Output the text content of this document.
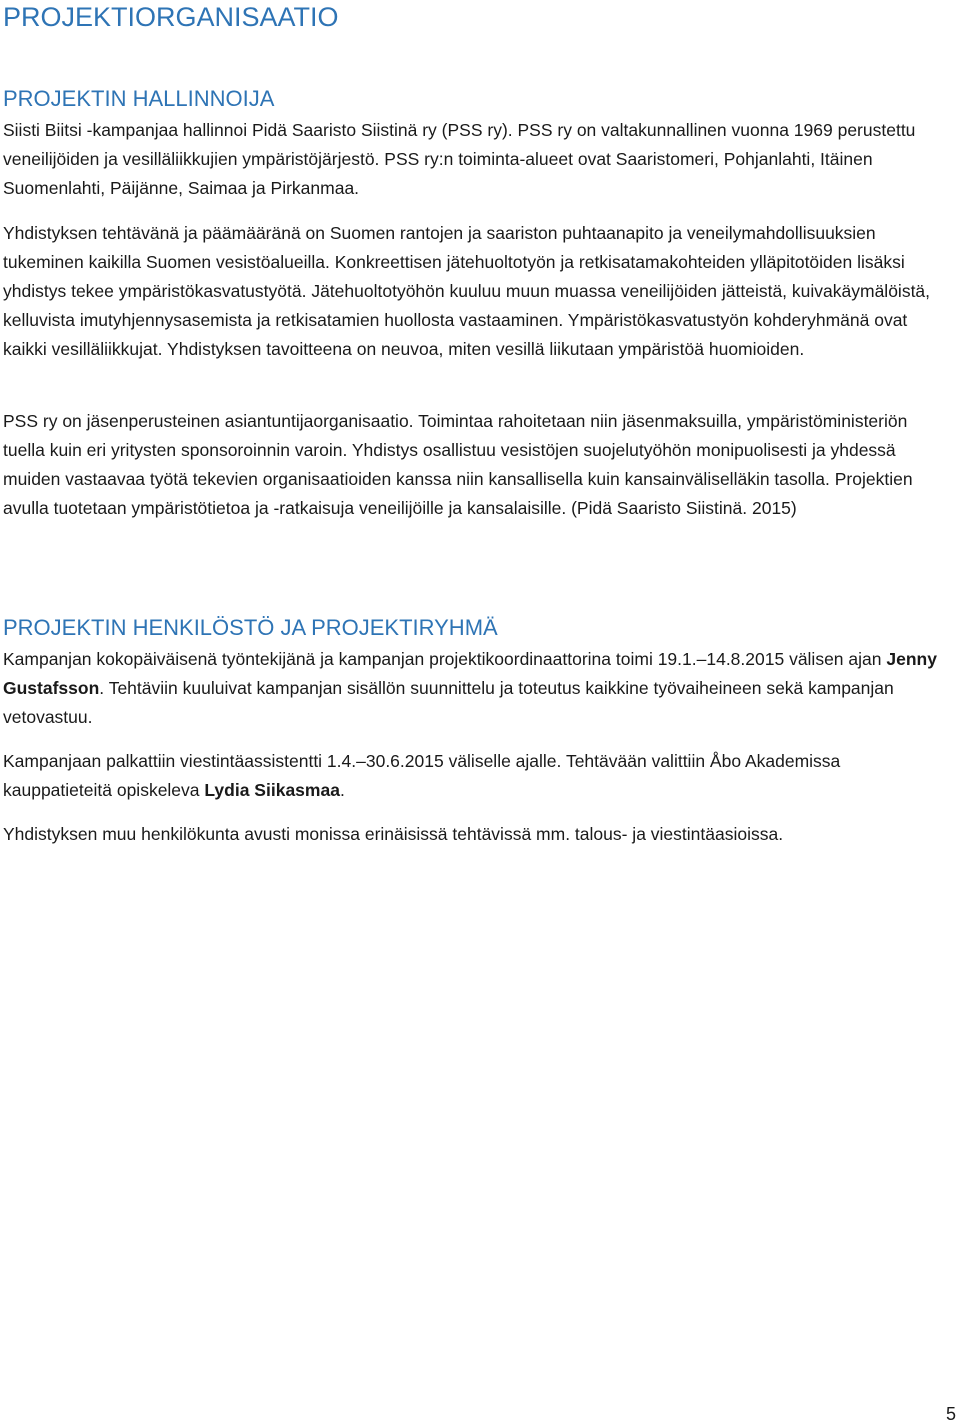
PROJEKTIORGANISAATIO
PROJEKTIN HALLINNOIJA

Siisti Biitsi -kampanjaa hallinnoi Pidä Saaristo Siistinä ry (PSS ry). PSS ry on valtakunnallinen vuonna 1969 perustettu veneilijöiden ja vesilläliikkujien ympäristöjärjestö. PSS ry:n toiminta-alueet ovat Saaristomeri, Pohjanlahti, Itäinen Suomenlahti, Päijänne, Saimaa ja Pirkanmaa.

Yhdistyksen tehtävänä ja päämääränä on Suomen rantojen ja saariston puhtaanapito ja veneilymahdollisuuksien tukeminen kaikilla Suomen vesistöalueilla. Konkreettisen jätehuoltotyön ja retkisatamakohteiden ylläpitotöiden lisäksi yhdistys tekee ympäristökasvatustyötä. Jätehuoltotyöhön kuuluu muun muassa veneilijöiden jätteistä, kuivakäymälöistä, kelluvista imutyhjennysasemista ja retkisatamien huollosta vastaaminen. Ympäristökasvatustyön kohderyhmänä ovat kaikki vesilläliikkujat. Yhdistyksen tavoitteena on neuvoa, miten vesillä liikutaan ympäristöä huomioiden.

PSS ry on jäsenperusteinen asiantuntijaorganisaatio. Toimintaa rahoitetaan niin jäsenmaksuilla, ympäristöministeriön tuella kuin eri yritysten sponsoroinnin varoin. Yhdistys osallistuu vesistöjen suojelutyöhön monipuolisesti ja yhdessä muiden vastaavaa työtä tekevien organisaatioiden kanssa niin kansallisella kuin kansainväliselläkin tasolla. Projektien avulla tuotetaan ympäristötietoa ja -ratkaisuja veneilijöille ja kansalaisille. (Pidä Saaristo Siistinä. 2015)

PROJEKTIN HENKILÖSTÖ JA PROJEKTIRYHMÄ

Kampanjan kokopäiväisenä työntekijänä ja kampanjan projektikoordinaattorina toimi 19.1.–14.8.2015 välisen ajan Jenny Gustafsson. Tehtäviin kuuluivat kampanjan sisällön suunnittelu ja toteutus kaikkine työvaiheineen sekä kampanjan vetovastuu.

Kampanjaan palkattiin viestintäassistentti 1.4.–30.6.2015 väliselle ajalle. Tehtävään valittiin Åbo Akademissa kauppatieteitä opiskeleva Lydia Siikasmaa.

Yhdistyksen muu henkilökunta avusti monissa erinäisissä tehtävissä mm. talous- ja viestintäasioissa.

5
